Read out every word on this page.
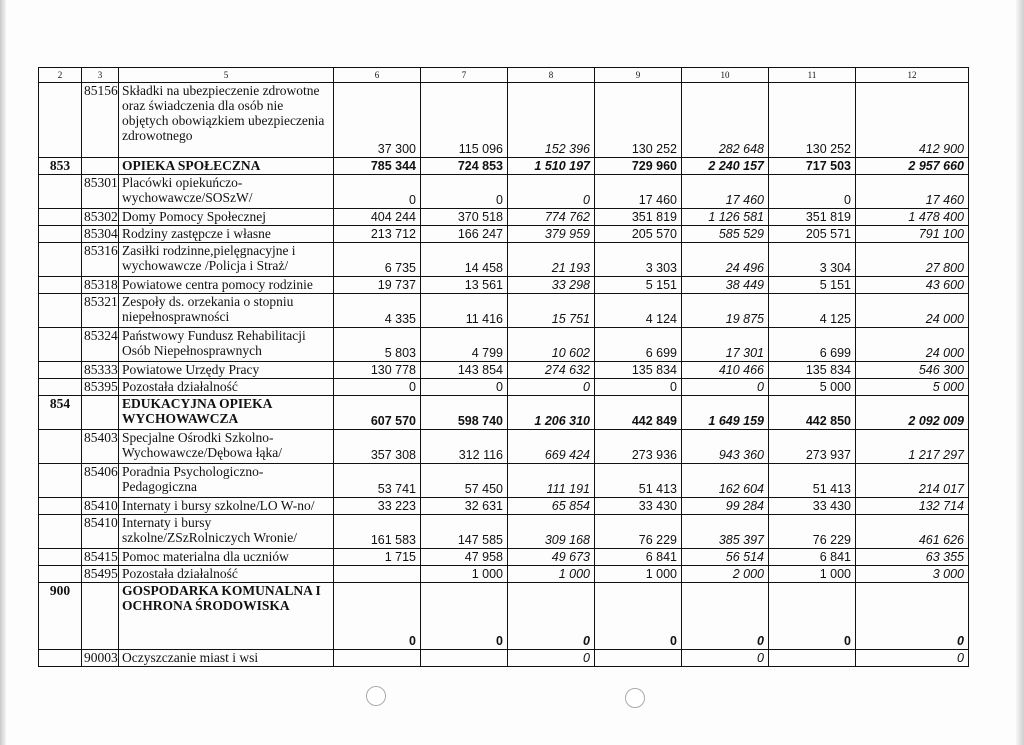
2	3	5	6	7	8	9	10	11	12
	85156	Składki na ubezpieczenie zdrowotne oraz świadczenia dla osób nie objętych obowiązkiem ubezpieczenia zdrowotnego	37 300	115 096	152 396	130 252	282 648	130 252	412 900
853		OPIEKA SPOŁECZNA	785 344	724 853	1 510 197	729 960	2 240 157	717 503	2 957 660
	85301	Placówki opiekuńczo-wychowawcze/SOSzW/	0	0	0	17 460	17 460	0	17 460
	85302	Domy Pomocy Społecznej	404 244	370 518	774 762	351 819	1 126 581	351 819	1 478 400
	85304	Rodziny zastępcze i własne	213 712	166 247	379 959	205 570	585 529	205 571	791 100
	85316	Zasiłki rodzinne,pielęgnacyjne i wychowawcze /Policja i Straż/	6 735	14 458	21 193	3 303	24 496	3 304	27 800
	85318	Powiatowe centra pomocy rodzinie	19 737	13 561	33 298	5 151	38 449	5 151	43 600
	85321	Zespoły ds. orzekania o stopniu niepełnosprawności	4 335	11 416	15 751	4 124	19 875	4 125	24 000
	85324	Państwowy Fundusz Rehabilitacji Osób Niepełnosprawnych	5 803	4 799	10 602	6 699	17 301	6 699	24 000
	85333	Powiatowe Urzędy Pracy	130 778	143 854	274 632	135 834	410 466	135 834	546 300
	85395	Pozostała działalność	0	0	0	0	0	5 000	5 000
854		EDUKACYJNA OPIEKA WYCHOWAWCZA	607 570	598 740	1 206 310	442 849	1 649 159	442 850	2 092 009
	85403	Specjalne Ośrodki Szkolno-Wychowawcze/Dębowa łąka/	357 308	312 116	669 424	273 936	943 360	273 937	1 217 297
	85406	Poradnia Psychologiczno-Pedagogiczna	53 741	57 450	111 191	51 413	162 604	51 413	214 017
	85410	Internaty i bursy szkolne/LO W-no/	33 223	32 631	65 854	33 430	99 284	33 430	132 714
	85410	Internaty i bursy szkolne/ZSzRolniczych Wronie/	161 583	147 585	309 168	76 229	385 397	76 229	461 626
	85415	Pomoc materialna dla uczniów	1 715	47 958	49 673	6 841	56 514	6 841	63 355
	85495	Pozostała działalność		1 000	1 000	1 000	2 000	1 000	3 000
900		GOSPODARKA KOMUNALNA I OCHRONA ŚRODOWISKA	0	0	0	0	0	0	0
	90003	Oczyszczanie miast i wsi			0		0		0
